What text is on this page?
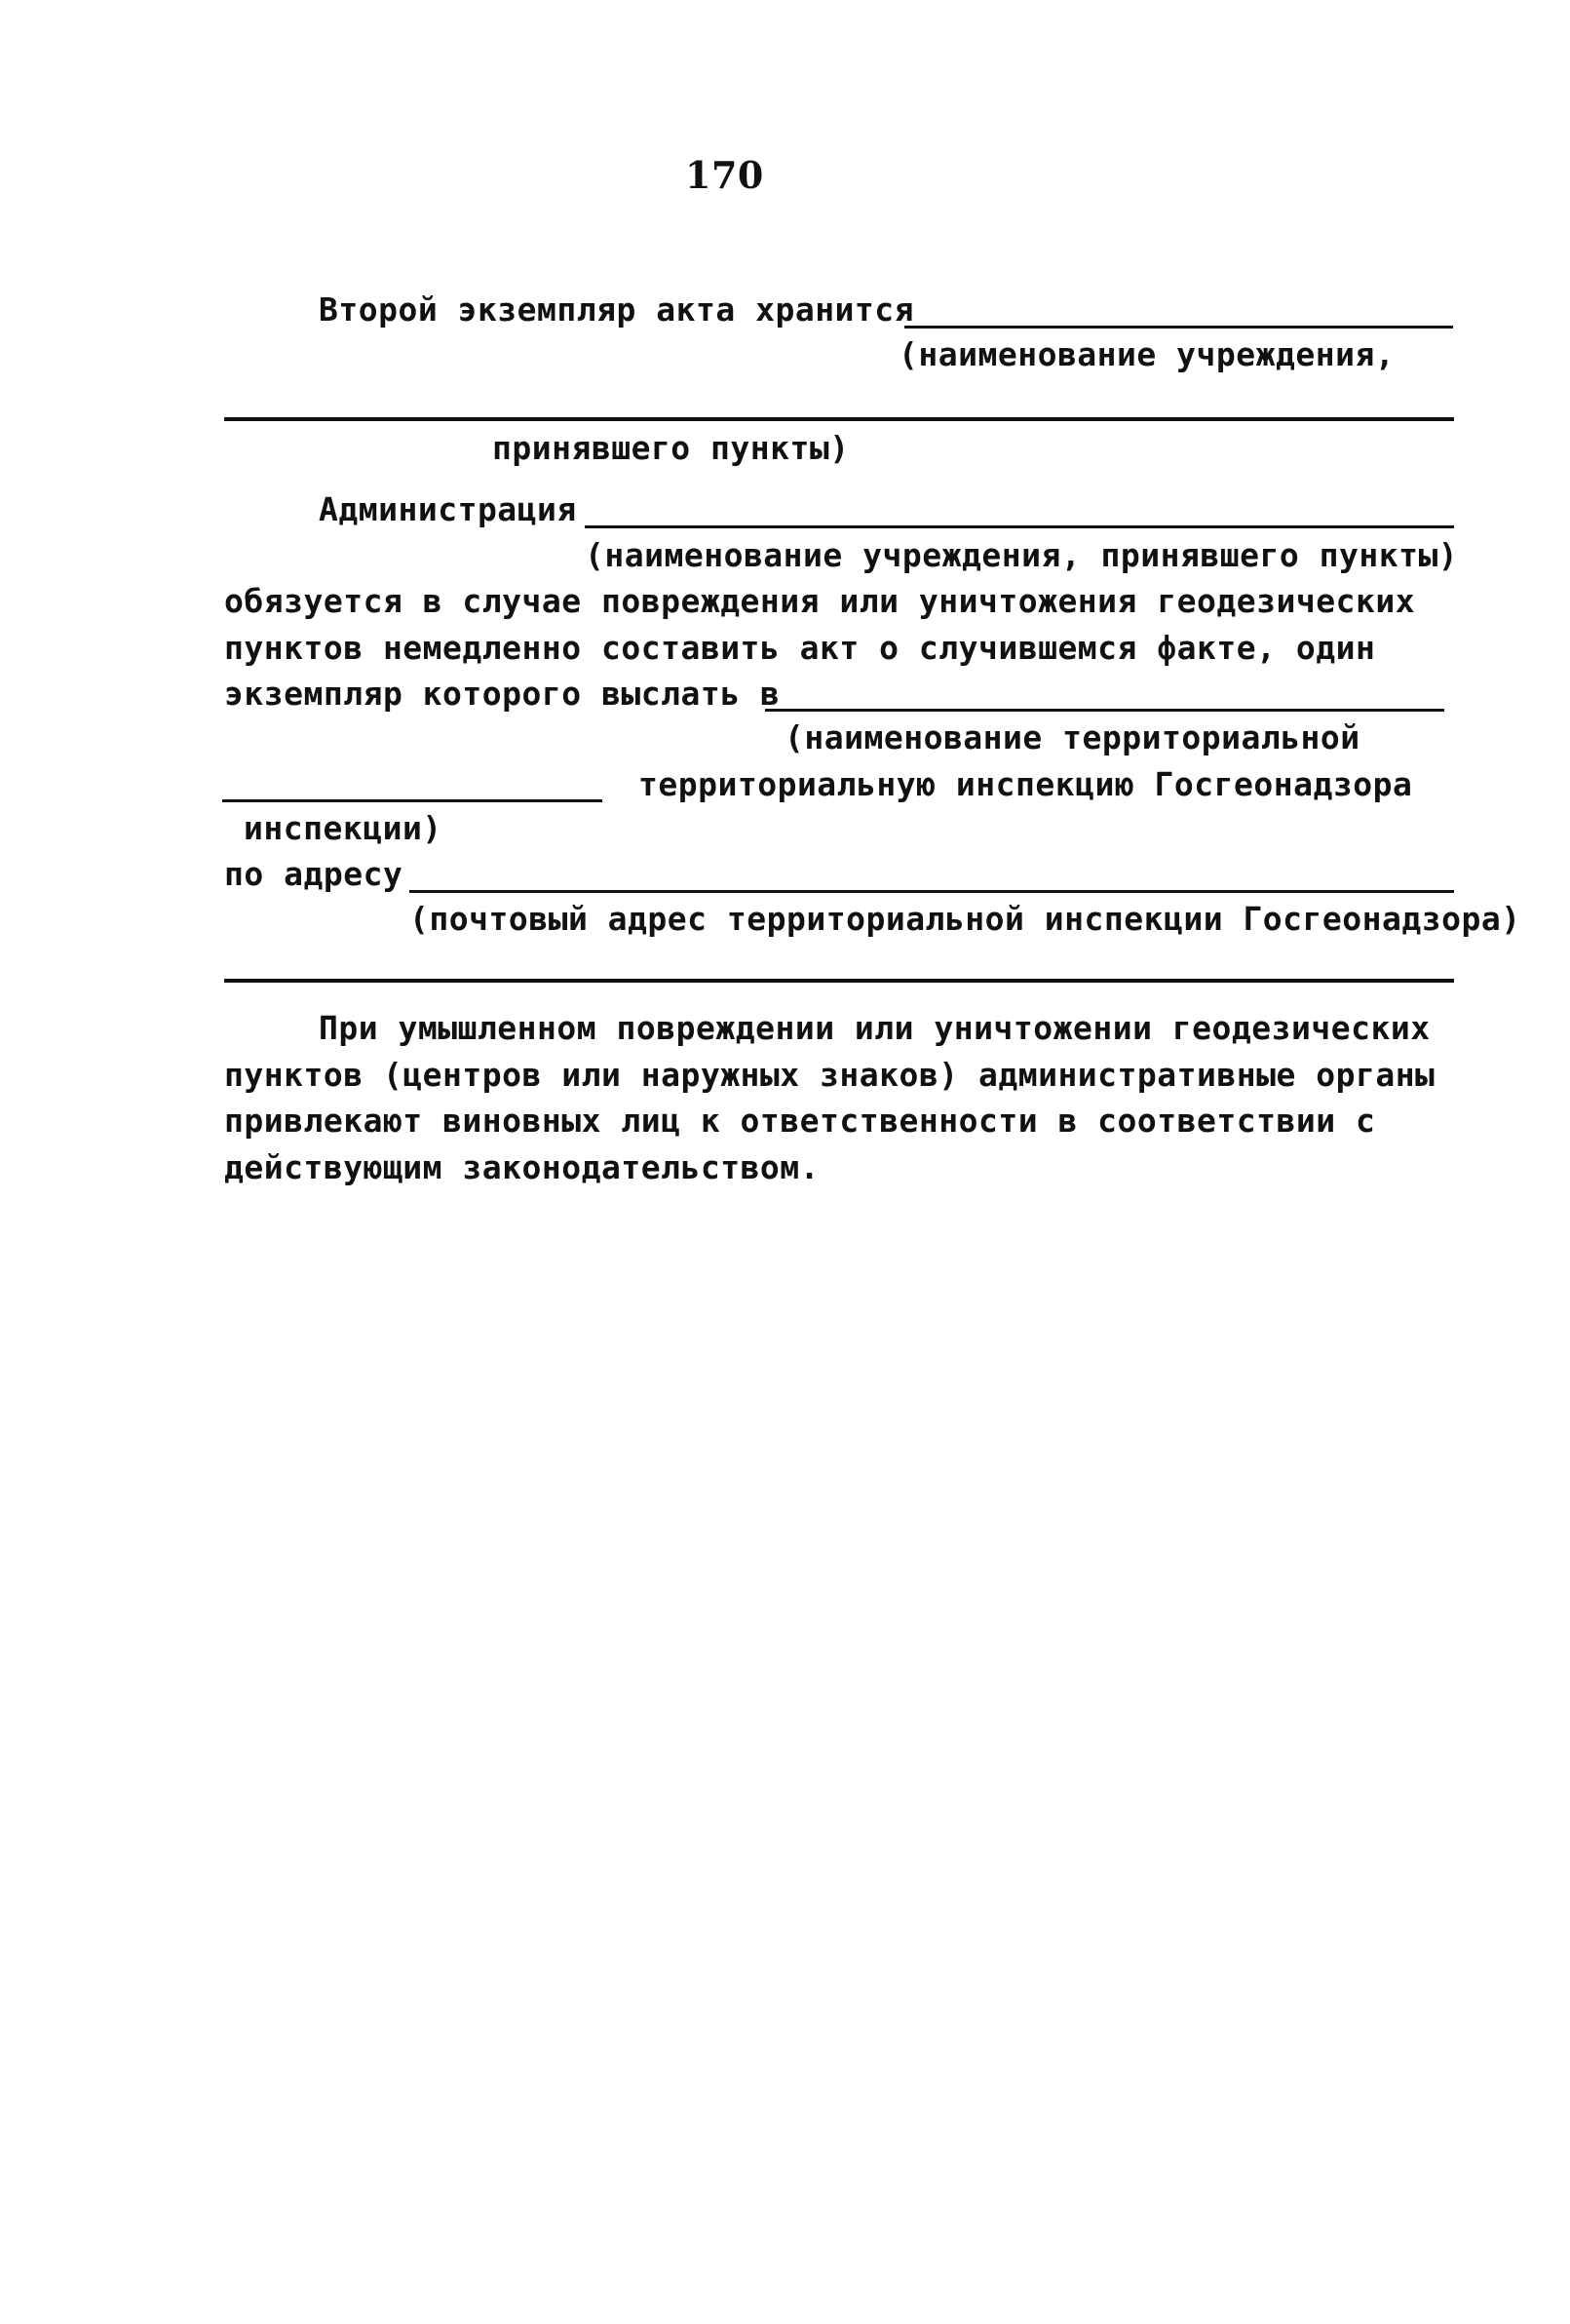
170
Второй экземпляр акта хранится
(наименование учреждения,
принявшего пункты)
Администрация
(наименование учреждения, принявшего пункты)
обязуется в случае повреждения или уничтожения геодезических
пунктов немедленно составить акт о случившемся факте, один
экземпляр которого выслать в
(наименование территориальной
территориальную инспекцию Госгеонадзора
инспекции)
по адресу
(почтовый адрес территориальной инспекции Госгеонадзора)
При умышленном повреждении или уничтожении геодезических
пунктов (центров или наружных знаков) административные органы
привлекают виновных лиц к ответственности в соответствии с
действующим законодательством.
